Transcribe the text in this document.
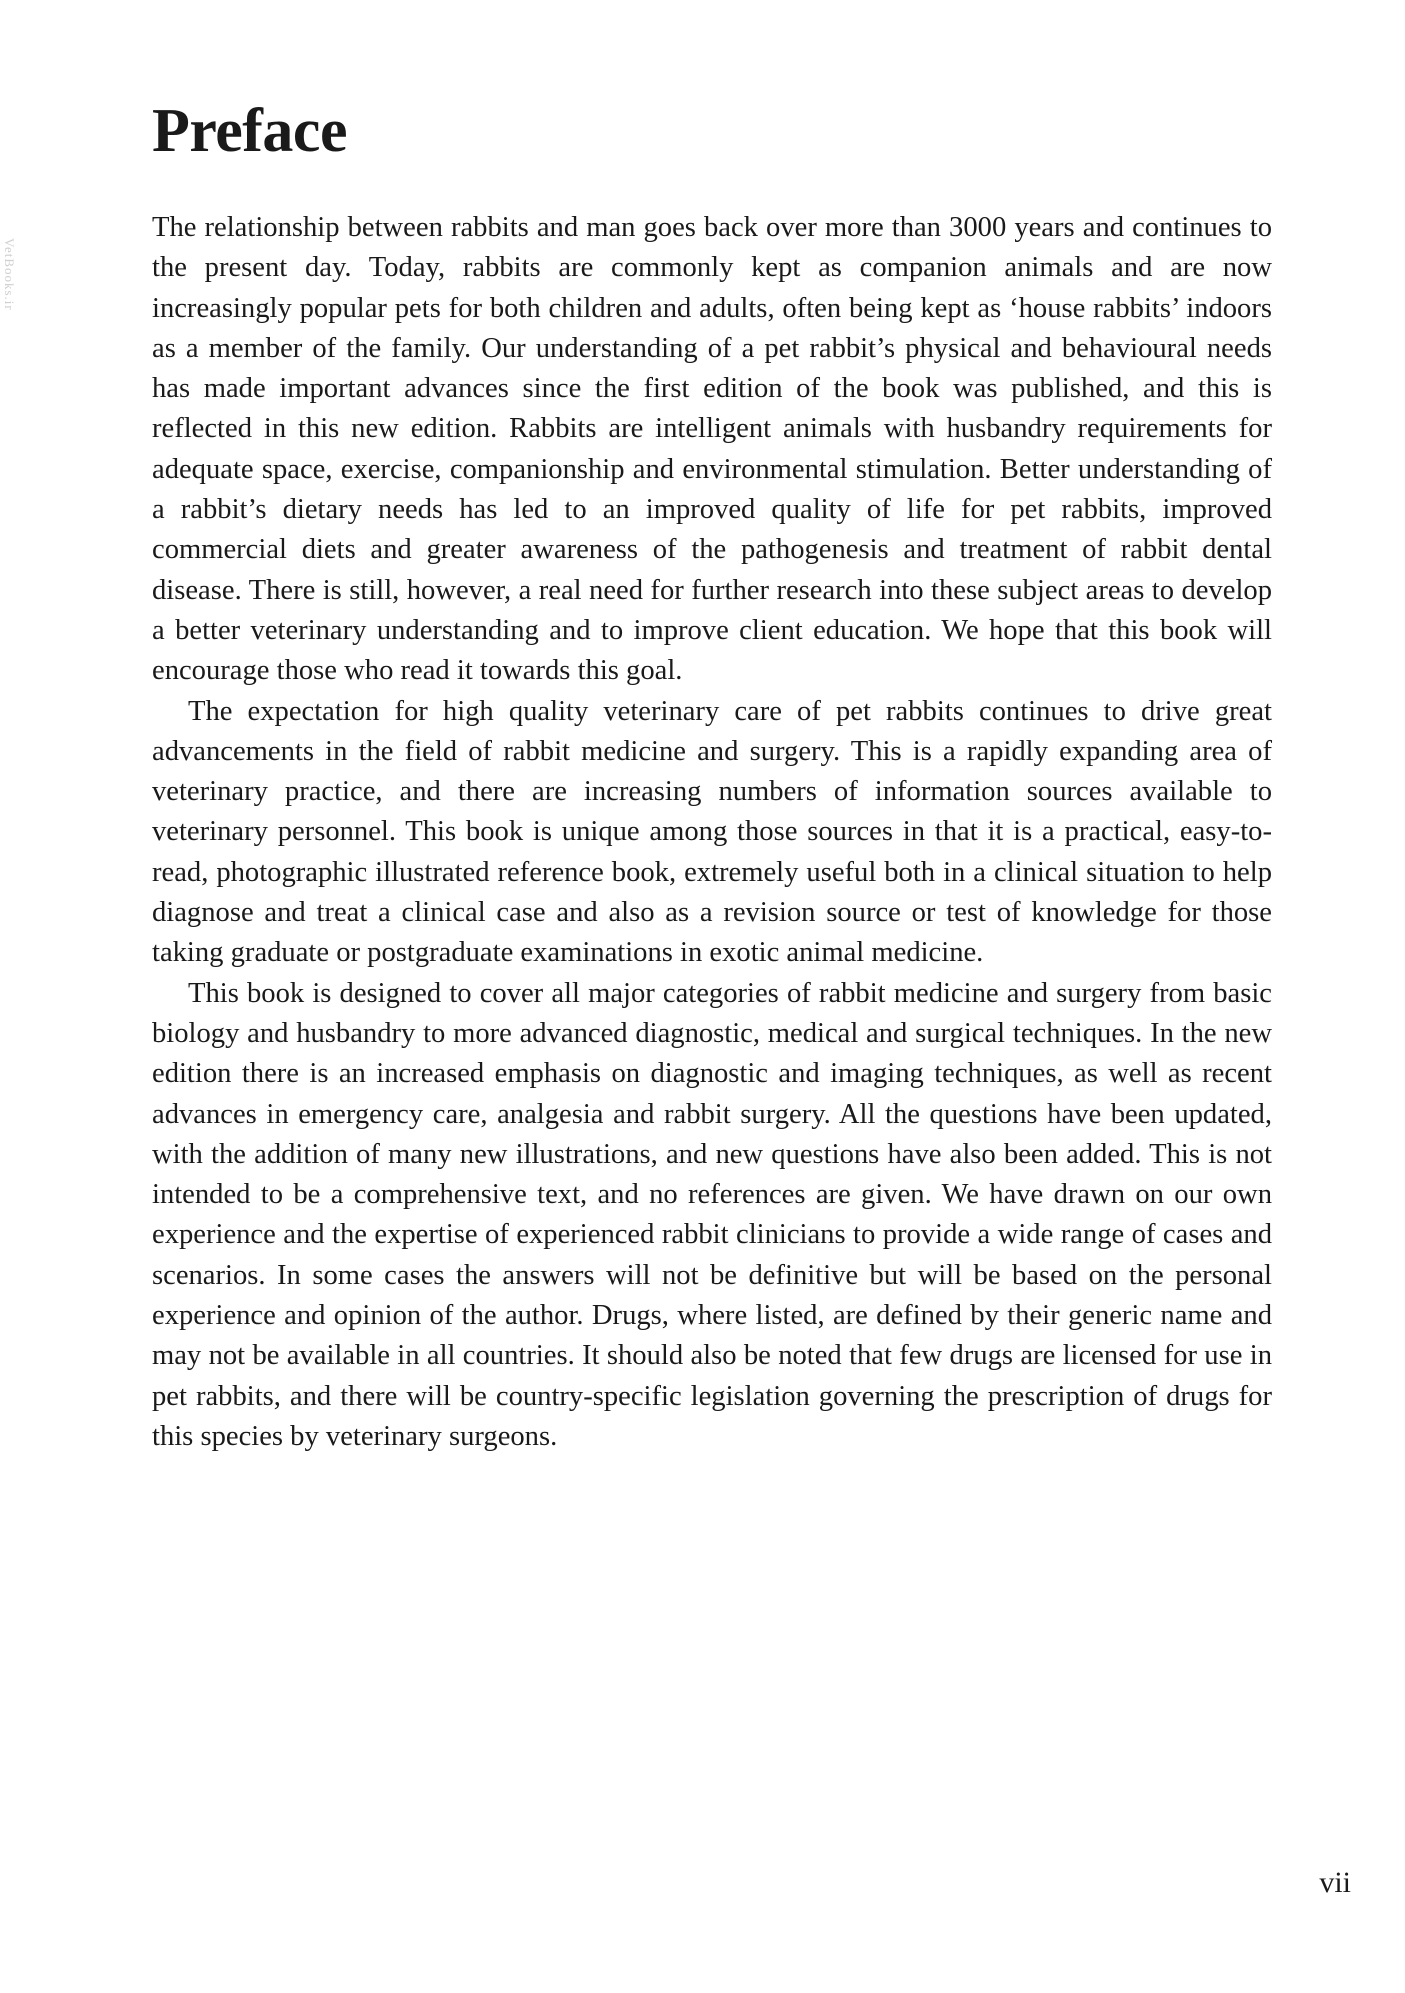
VetBooks.ir
Preface

The relationship between rabbits and man goes back over more than 3000 years and continues to the present day. Today, rabbits are commonly kept as companion animals and are now increasingly popular pets for both children and adults, often being kept as ‘house rabbits’ indoors as a member of the family. Our understanding of a pet rabbit’s physical and behavioural needs has made important advances since the first edition of the book was published, and this is reflected in this new edition. Rabbits are intelligent animals with husbandry requirements for adequate space, exercise, companionship and environmental stimulation. Better understanding of a rabbit’s dietary needs has led to an improved quality of life for pet rabbits, improved commercial diets and greater awareness of the pathogenesis and treatment of rabbit dental disease. There is still, however, a real need for further research into these subject areas to develop a better veterinary understanding and to improve client education. We hope that this book will encourage those who read it towards this goal.

The expectation for high quality veterinary care of pet rabbits continues to drive great advancements in the field of rabbit medicine and surgery. This is a rapidly expanding area of veterinary practice, and there are increasing numbers of information sources available to veterinary personnel. This book is unique among those sources in that it is a practical, easy-to-read, photographic illustrated reference book, extremely useful both in a clinical situation to help diagnose and treat a clinical case and also as a revision source or test of knowledge for those taking graduate or postgraduate examinations in exotic animal medicine.

This book is designed to cover all major categories of rabbit medicine and surgery from basic biology and husbandry to more advanced diagnostic, medical and surgical techniques. In the new edition there is an increased emphasis on diagnostic and imaging techniques, as well as recent advances in emergency care, analgesia and rabbit surgery. All the questions have been updated, with the addition of many new illustrations, and new questions have also been added. This is not intended to be a comprehensive text, and no references are given. We have drawn on our own experience and the expertise of experienced rabbit clinicians to provide a wide range of cases and scenarios. In some cases the answers will not be definitive but will be based on the personal experience and opinion of the author. Drugs, where listed, are defined by their generic name and may not be available in all countries. It should also be noted that few drugs are licensed for use in pet rabbits, and there will be country-specific legislation governing the prescription of drugs for this species by veterinary surgeons.

vii
